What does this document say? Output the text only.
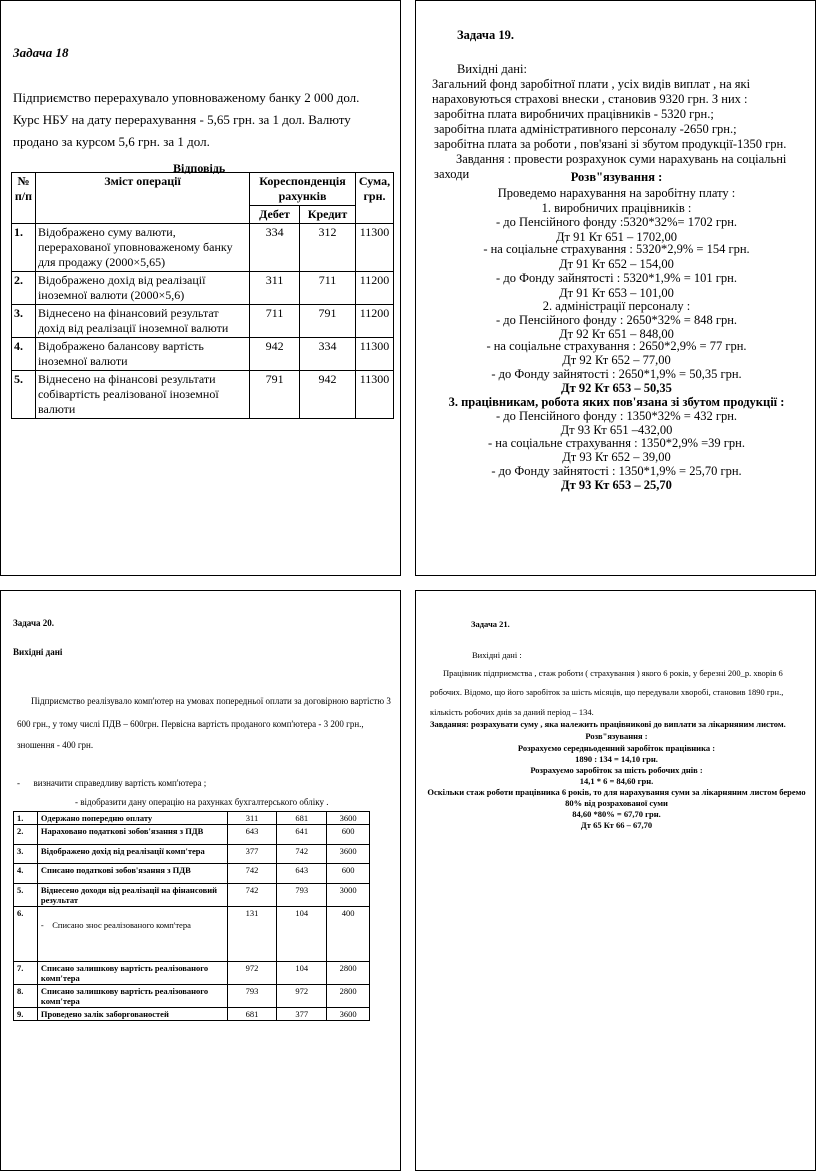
Задача 18
Підприємство перерахувало уповноваженому банку 2 000 дол. Курс НБУ на дату перерахування - 5,65 грн. за 1 дол. Валюту продано за курсом 5,6 грн. за 1 дол.
Відповідь
№ п/п	Зміст операції	Кореспонденція рахунків		Сума, грн.
		Дебет	Кредит	
1.	Відображено суму валюти, перерахованої уповноваженому банку для продажу (2000×5,65)	334	312	11300
2.	Відображено дохід від реалізації іноземної валюти (2000×5,6)	311	711	11200
3.	Віднесено на фінансовий результат дохід від реалізації іноземної валюти	711	791	11200
4.	Відображено балансову вартість іноземної валюти	942	334	11300
5.	Віднесено на фінансові результати собівартість реалізованої іноземної валюти	791	942	11300
Задача 19.
Вихідні дані:
Загальний фонд заробітної плати , усіх видів виплат , на які
нараховуються страхові внески , становив 9320 грн. З них :
заробітна плата виробничих працівників - 5320 грн.;
заробітна плата адміністративного персоналу -2650 грн.;
заробітна плата за роботи , пов'язані зі збутом продукції-1350 грн.
Завдання : провести розрахунок суми нарахувань на соціальні
заходи	Розв"язування :
Проведемо нарахування на заробітну плату :
1. виробничих працівників :
- до Пенсійного фонду :5320*32%= 1702 грн.
Дт 91 Кт 651 – 1702,00
- на соціальне страхування : 5320*2,9% = 154 грн.
Дт 91 Кт 652 – 154,00
- до Фонду зайнятості : 5320*1,9% = 101 грн.
Дт 91 Кт 653 – 101,00
2. адміністрації персоналу :
- до Пенсійного фонду : 2650*32% = 848 грн.
Дт 92 Кт 651 – 848,00
- на соціальне страхування : 2650*2,9% = 77 грн.
Дт 92 Кт 652 – 77,00
- до Фонду зайнятості : 2650*1,9% = 50,35 грн.
Дт 92 Кт 653 – 50,35
3. працівникам, робота яких пов'язана зі збутом продукції :
- до Пенсійного фонду : 1350*32% = 432 грн.
Дт 93 Кт 651 –432,00
- на соціальне страхування : 1350*2,9% =39 грн.
Дт 93 Кт 652 – 39,00
- до Фонду зайнятості : 1350*1,9% = 25,70 грн.
Дт 93 Кт 653 – 25,70
Задача 20.
Вихідні дані
Підприємство реалізувало комп'ютер на умовах попередньої оплати за договірною вартістю 3
600 грн., у тому числі ПДВ – 600грн. Первісна вартість проданого комп'ютера - 3 200 грн.,
зношення - 400 грн.
-      визначити справедливу вартість комп'ютера ;
- відобразити дану операцію на рахунках бухгалтерського обліку .
1.	Одержано попередню оплату	311	681	3600
2.	Нараховано податкові зобов'язання з ПДВ	643	641	600
3.	Відображено дохід від реалізації комп'тера	377	742	3600
4.	Списано податкові зобов'язання з ПДВ	742	643	600
5.	Віднесено доходи від реалізації на фінансовий результат	742	793	3000
6.	-    Списано знос реалізованого комп'тера	131	104	400
7.	Списано залишкову вартість реалізованого комп'тера	972	104	2800
8.	Списано залишкову вартість реалізованого комп'тера	793	972	2800
9.	Проведено залік заборгованостей	681	377	3600
Задача 21.
Вихідні дані :
Працівник підприємства , стаж роботи ( страхування ) якого 6 років, у березні 200_р. хворів 6
робочих. Відомо, що його заробіток за шість місяців, що передували хворобі, становив 1890 грн.,
кількість робочих днів за даний період – 134.
Завдання: розрахувати суму , яка належить працівникові до виплати за лікарняним листом.
Розв"язування :
Розрахуємо середньоденний заробіток працівника :
1890 : 134 = 14,10 грн.
Розрахуємо заробіток за шість робочих днів :
14,1 * 6 = 84,60 грн.
Оскільки стаж роботи працівника 6 років, то для нарахування суми за лікарняним листом беремо
80% від розрахованої суми
84,60 *80% = 67,70 грн.
Дт 65 Кт 66 – 67,70
